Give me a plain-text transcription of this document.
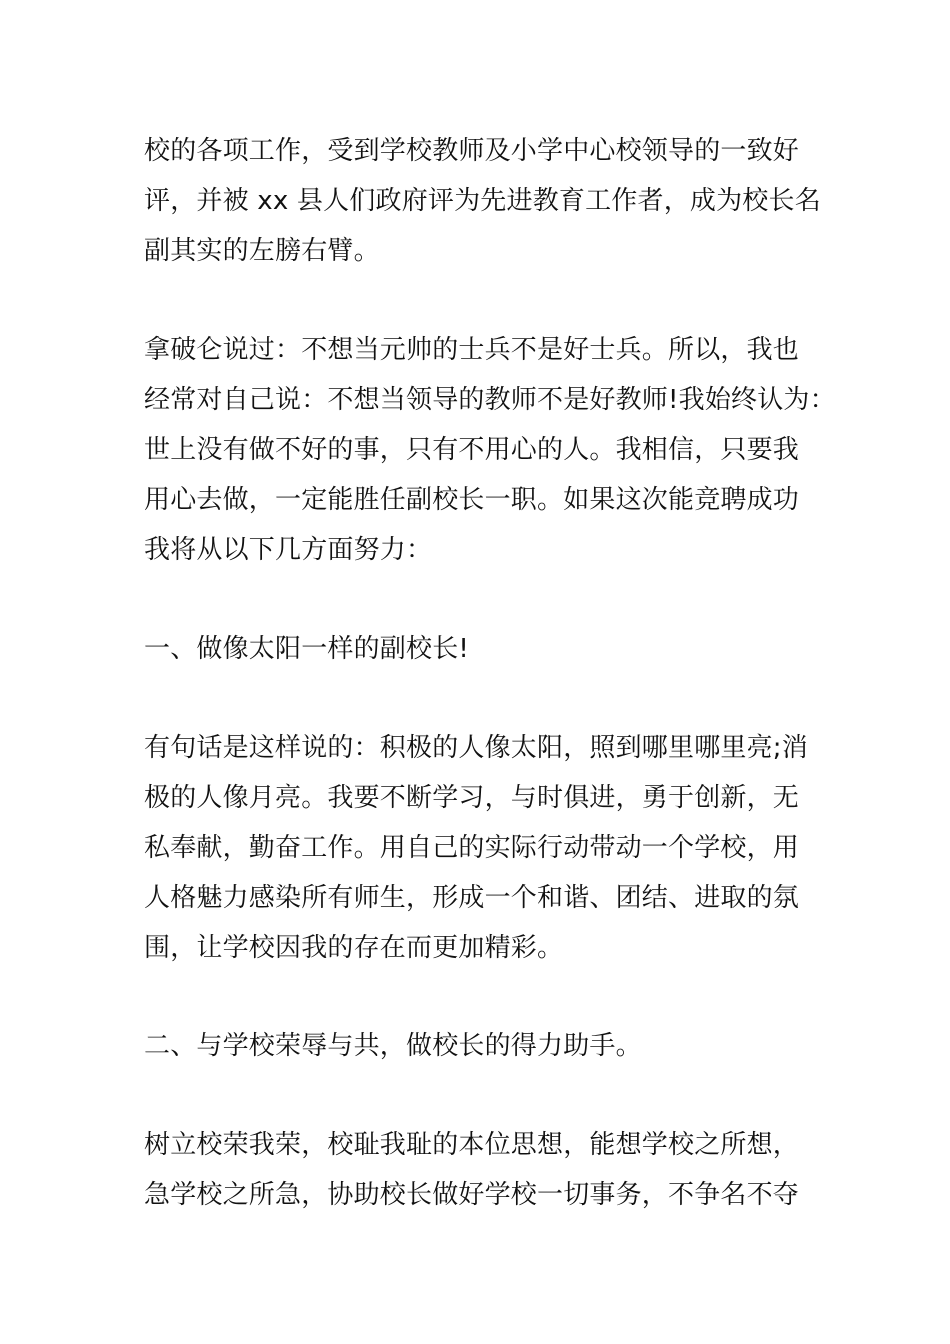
校的各项工作，受到学校教师及小学中心校领导的一致好
评，并被 xx 县人们政府评为先进教育工作者，成为校长名
副其实的左膀右臂。
拿破仑说过：不想当元帅的士兵不是好士兵。所以，我也
经常对自己说：不想当领导的教师不是好教师!我始终认为：
世上没有做不好的事，只有不用心的人。我相信，只要我
用心去做，一定能胜任副校长一职。如果这次能竞聘成功
我将从以下几方面努力：
一、做像太阳一样的副校长!
有句话是这样说的：积极的人像太阳，照到哪里哪里亮;消
极的人像月亮。我要不断学习，与时俱进，勇于创新，无
私奉献，勤奋工作。用自己的实际行动带动一个学校，用
人格魅力感染所有师生，形成一个和谐、团结、进取的氛
围，让学校因我的存在而更加精彩。
二、与学校荣辱与共，做校长的得力助手。
树立校荣我荣，校耻我耻的本位思想，能想学校之所想，
急学校之所急，协助校长做好学校一切事务，不争名不夺
